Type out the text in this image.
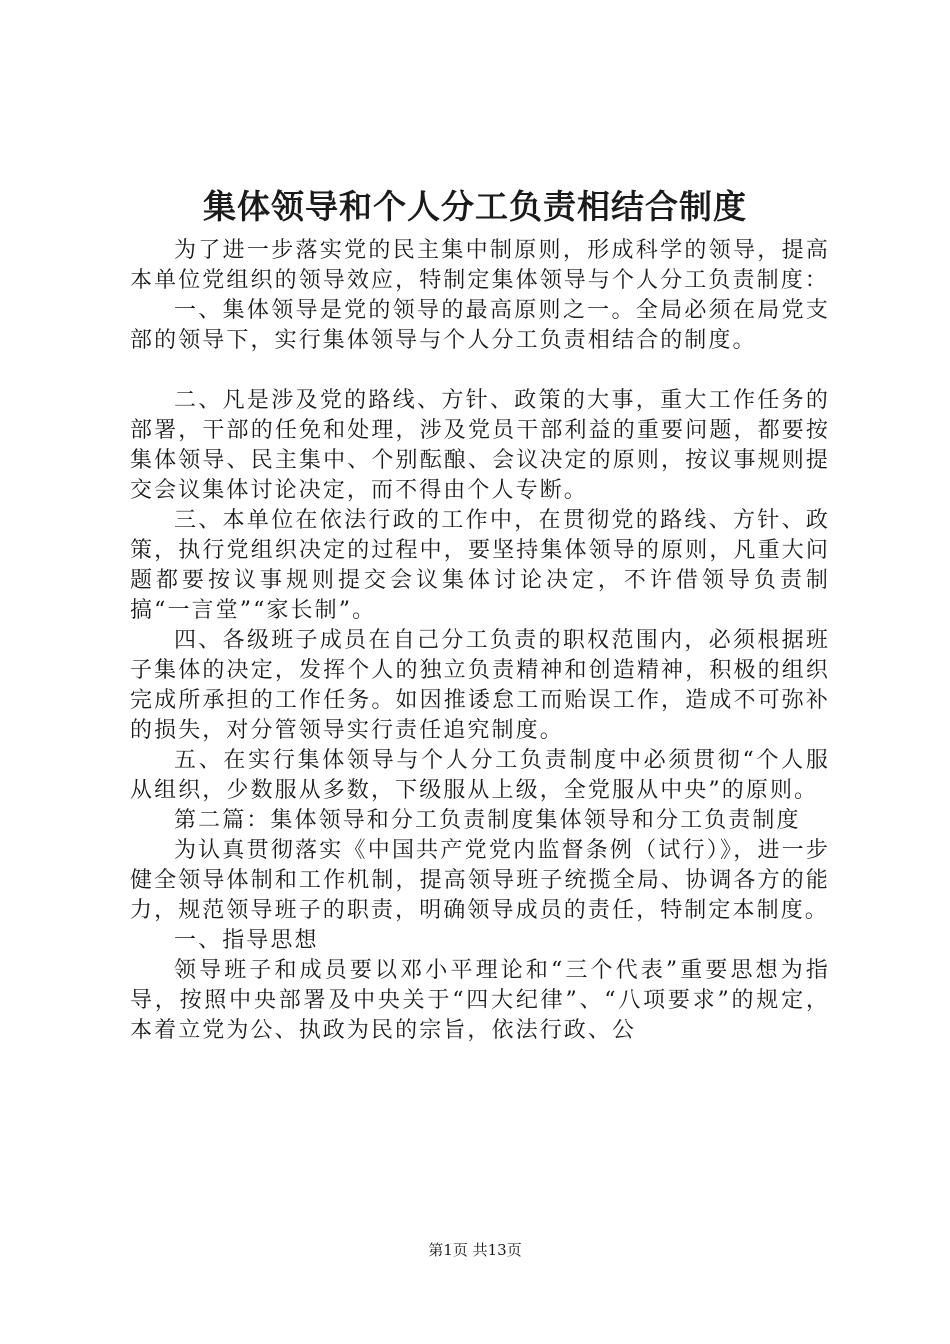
集体领导和个人分工负责相结合制度

为了进一步落实党的民主集中制原则，形成科学的领导，提高本单位党组织的领导效应，特制定集体领导与个人分工负责制度：

一、集体领导是党的领导的最高原则之一。全局必须在局党支部的领导下，实行集体领导与个人分工负责相结合的制度。

二、凡是涉及党的路线、方针、政策的大事，重大工作任务的部署，干部的任免和处理，涉及党员干部利益的重要问题，都要按集体领导、民主集中、个别酝酿、会议决定的原则，按议事规则提交会议集体讨论决定，而不得由个人专断。

三、本单位在依法行政的工作中，在贯彻党的路线、方针、政策，执行党组织决定的过程中，要坚持集体领导的原则，凡重大问题都要按议事规则提交会议集体讨论决定，不许借领导负责制搞“一言堂”“家长制”。

四、各级班子成员在自己分工负责的职权范围内，必须根据班子集体的决定，发挥个人的独立负责精神和创造精神，积极的组织完成所承担的工作任务。如因推诿怠工而贻误工作，造成不可弥补的损失，对分管领导实行责任追究制度。

五、在实行集体领导与个人分工负责制度中必须贯彻“个人服从组织，少数服从多数，下级服从上级，全党服从中央”的原则。

第二篇：集体领导和分工负责制度集体领导和分工负责制度

为认真贯彻落实《中国共产党党内监督条例（试行）》，进一步健全领导体制和工作机制，提高领导班子统揽全局、协调各方的能力，规范领导班子的职责，明确领导成员的责任，特制定本制度。

一、指导思想

领导班子和成员要以邓小平理论和“三个代表”重要思想为指导，按照中央部署及中央关于“四大纪律”、“八项要求”的规定，本着立党为公、执政为民的宗旨，依法行政、公

第1页 共13页
